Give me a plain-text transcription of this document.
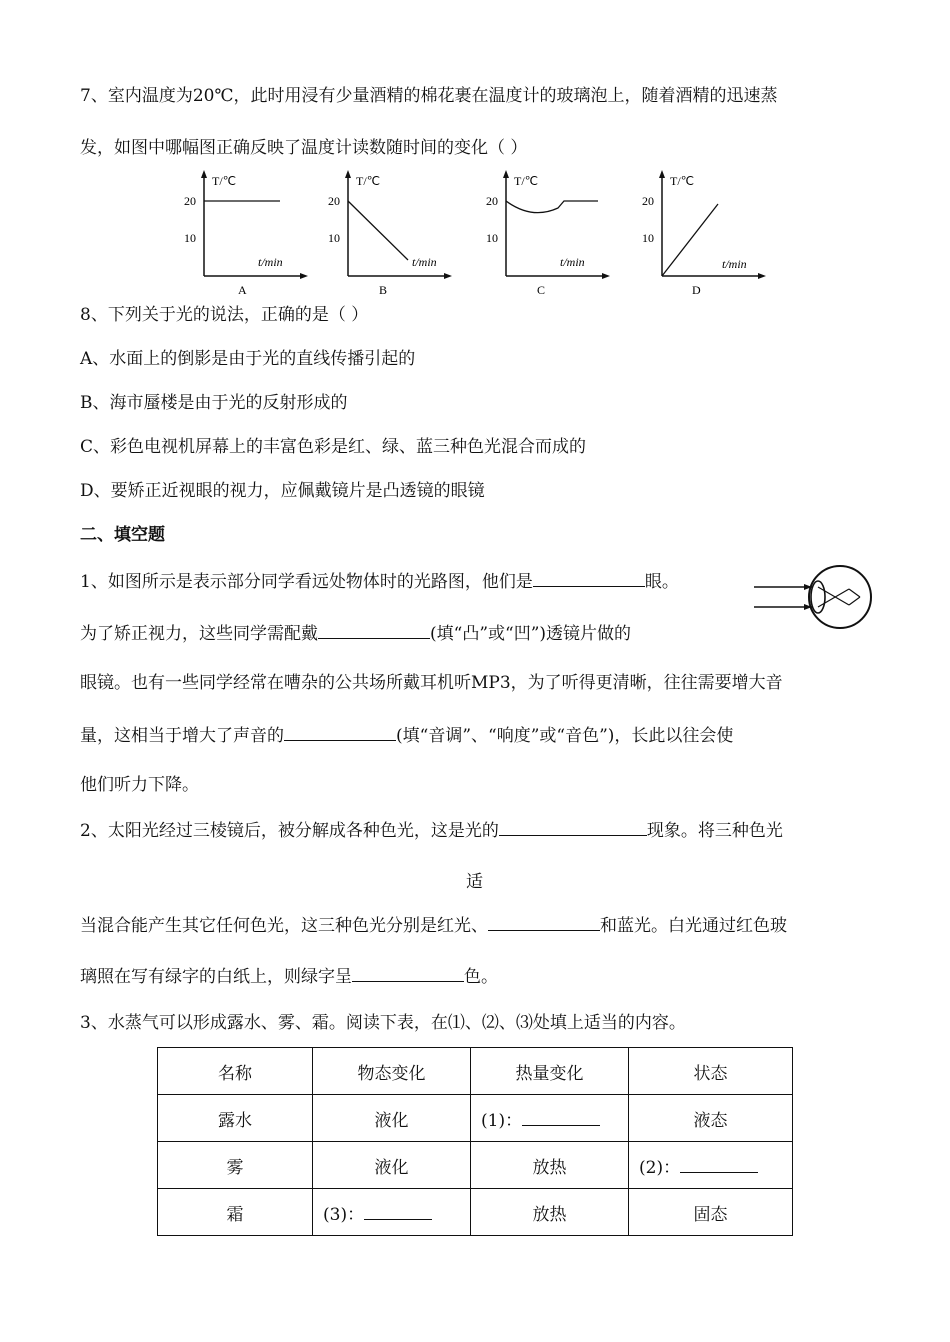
7、室内温度为20℃，此时用浸有少量酒精的棉花裹在温度计的玻璃泡上，随着酒精的迅速蒸
发，如图中哪幅图正确反映了温度计读数随时间的变化（ ）
T/℃
20
10
t/min
A
T/℃
20
10
t/min
B
T/℃
20
10
t/min
C
T/℃
20
10
t/min
D
8、下列关于光的说法，正确的是（ ）
A、水面上的倒影是由于光的直线传播引起的
B、海市蜃楼是由于光的反射形成的
C、彩色电视机屏幕上的丰富色彩是红、绿、蓝三种色光混合而成的
D、要矫正近视眼的视力，应佩戴镜片是凸透镜的眼镜
二、填空题
1、如图所示是表示部分同学看远处物体时的光路图，他们是	眼。
为了矫正视力，这些同学需配戴	(填“凸”或“凹”)透镜片做的
眼镜。也有一些同学经常在嘈杂的公共场所戴耳机听MP3，为了听得更清晰，往往需要增大音
量，这相当于增大了声音的	(填“音调”、“响度”或“音色”)，长此以往会使
他们听力下降。
2、太阳光经过三棱镜后，被分解成各种色光，这是光的	现象。将三种色光
适
当混合能产生其它任何色光，这三种色光分别是红光、	和蓝光。白光通过红色玻
璃照在写有绿字的白纸上，则绿字呈	色。
3、水蒸气可以形成露水、雾、霜。阅读下表，在⑴、⑵、⑶处填上适当的内容。
名称	物态变化	热量变化	状态
露水	液化	(1)：	液态
雾	液化	放热	(2)：
霜	(3)：	放热	固态
